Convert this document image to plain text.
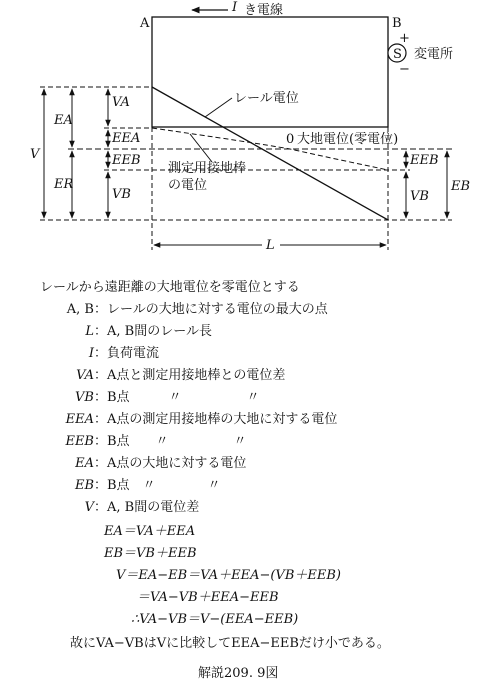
I き電線
A	B
S
+
−
変電所
レール電位
測定用接地棒
の電位
0 大地電位(零電位)
V
EA
ER
VA
EEA
EEB
VB
EEB
VB
EB
L
レールから遠距離の大地電位を零電位とする
A, B：レールの大地に対する電位の最大の点
L：A, B間のレール長
I：負荷電流
VA：A点と測定用接地棒との電位差
VB：B点　　　〃　　　　　〃
EEA：A点の測定用接地棒の大地に対する電位
EEB：B点　　〃　　　　　〃
EA：A点の大地に対する電位
EB：B点　〃　　　　〃
V：A, B間の電位差
EA＝VA＋EEA
EB＝VB＋EEB
V＝EA−EB＝VA＋EEA−(VB＋EEB)
＝VA−VB＋EEA−EEB
∴VA−VB＝V−(EEA−EEB)
故にVA−VBはVに比較してEEA−EEBだけ小である。
解説209. 9図
